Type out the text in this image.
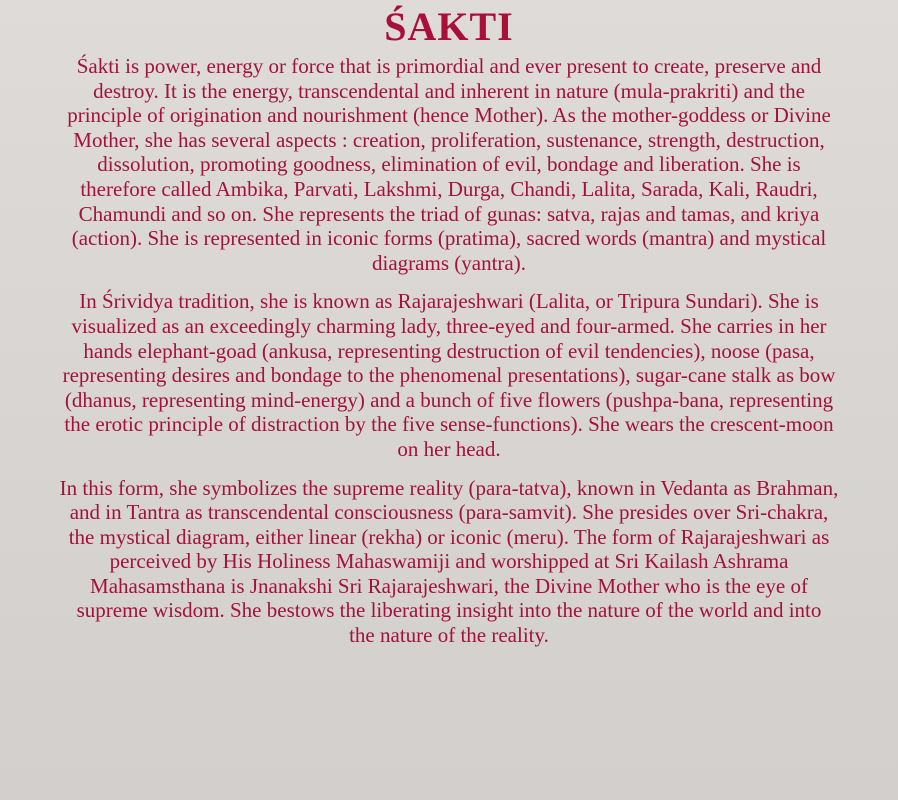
ŚAKTI
Śakti is power, energy or force that is primordial and ever present to create, preserve and
destroy. It is the energy, transcendental and inherent in nature (mula-prakriti) and the
principle of origination and nourishment (hence Mother). As the mother-goddess or Divine
Mother, she has several aspects : creation, proliferation, sustenance, strength, destruction,
dissolution, promoting goodness, elimination of evil, bondage and liberation. She is
therefore called Ambika, Parvati, Lakshmi, Durga, Chandi, Lalita, Sarada, Kali, Raudri,
Chamundi and so on. She represents the triad of gunas: satva, rajas and tamas, and kriya
(action). She is represented in iconic forms (pratima), sacred words (mantra) and mystical
diagrams (yantra).
In Śrividya tradition, she is known as Rajarajeshwari (Lalita, or Tripura Sundari). She is
visualized as an exceedingly charming lady, three-eyed and four-armed. She carries in her
hands elephant-goad (ankusa, representing destruction of evil tendencies), noose (pasa,
representing desires and bondage to the phenomenal presentations), sugar-cane stalk as bow
(dhanus, representing mind-energy) and a bunch of five flowers (pushpa-bana, representing
the erotic principle of distraction by the five sense-functions). She wears the crescent-moon
on her head.
In this form, she symbolizes the supreme reality (para-tatva), known in Vedanta as Brahman,
and in Tantra as transcendental consciousness (para-samvit). She presides over Sri-chakra,
the mystical diagram, either linear (rekha) or iconic (meru). The form of Rajarajeshwari as
perceived by His Holiness Mahaswamiji and worshipped at Sri Kailash Ashrama
Mahasamsthana is Jnanakshi Sri Rajarajeshwari, the Divine Mother who is the eye of
supreme wisdom. She bestows the liberating insight into the nature of the world and into
the nature of the reality.
